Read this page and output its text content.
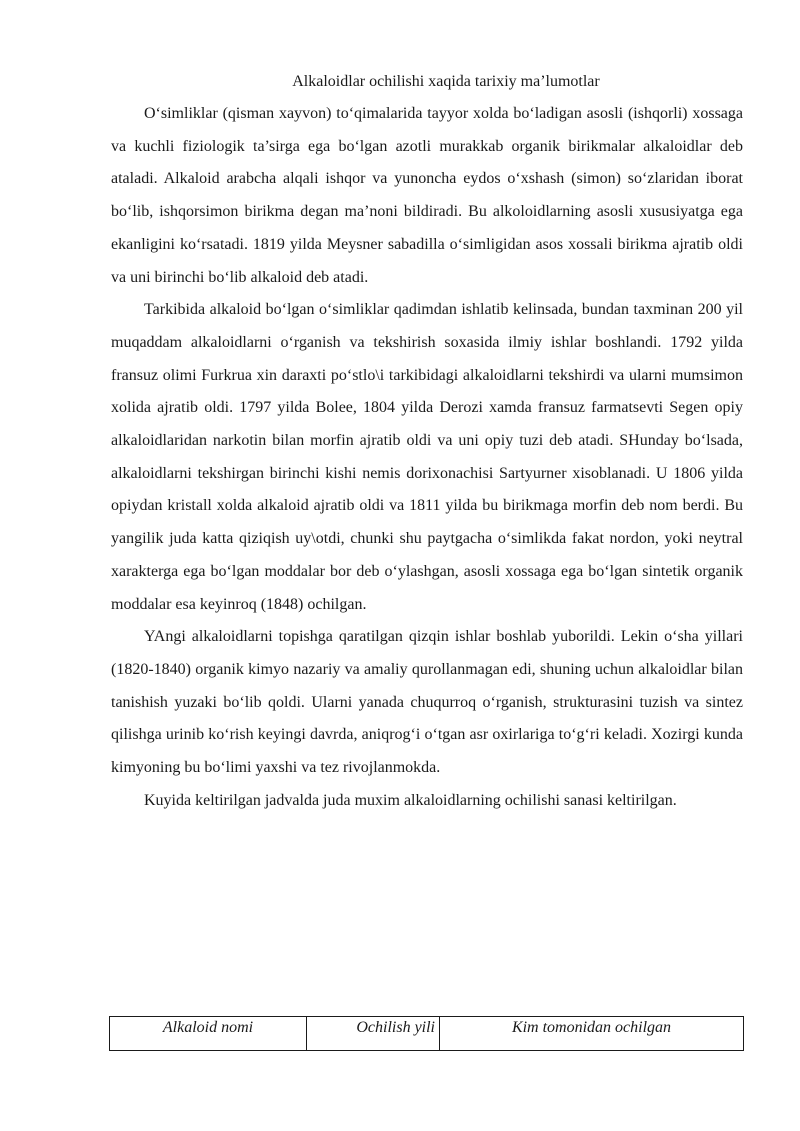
Alkaloidlar ochilishi xaqida tarixiy ma’lumotlar

O‘simliklar (qisman xayvon) to‘qimalarida tayyor xolda bo‘ladigan asosli (ishqorli) xossaga va kuchli fiziologik ta’sirga ega bo‘lgan azotli murakkab organik birikmalar alkaloidlar deb ataladi. Alkaloid arabcha alqali ishqor va yunoncha eydos o‘xshash (simon) so‘zlaridan iborat bo‘lib, ishqorsimon birikma degan ma’noni bildiradi. Bu alkoloidlarning asosli xususiyatga ega ekanligini ko‘rsatadi. 1819 yilda Meysner sabadilla o‘simligidan asos xossali birikma ajratib oldi va uni birinchi bo‘lib alkaloid deb atadi.

Tarkibida alkaloid bo‘lgan o‘simliklar qadimdan ishlatib kelinsada, bundan taxminan 200 yil muqaddam alkaloidlarni o‘rganish va tekshirish soxasida ilmiy ishlar boshlandi. 1792 yilda fransuz olimi Furkrua xin daraxti po‘stlo\i tarkibidagi alkaloidlarni tekshirdi va ularni mumsimon xolida ajratib oldi. 1797 yilda Bolee, 1804 yilda Derozi xamda fransuz farmatsevti Segen opiy alkaloidlaridan narkotin bilan morfin ajratib oldi va uni opiy tuzi deb atadi. SHunday bo‘lsada, alkaloidlarni tekshirgan birinchi kishi nemis dorixonachisi Sartyurner xisoblanadi. U 1806 yilda opiydan kristall xolda alkaloid ajratib oldi va 1811 yilda bu birikmaga morfin deb nom berdi. Bu yangilik juda katta qiziqish uy\otdi, chunki shu paytgacha o‘simlikda fakat nordon, yoki neytral xarakterga ega bo‘lgan moddalar bor deb o‘ylashgan, asosli xossaga ega bo‘lgan sintetik organik moddalar esa keyinroq (1848) ochilgan.

YAngi alkaloidlarni topishga qaratilgan qizqin ishlar boshlab yuborildi. Lekin o‘sha yillari (1820-1840) organik kimyo nazariy va amaliy qurollanmagan edi, shuning uchun alkaloidlar bilan tanishish yuzaki bo‘lib qoldi. Ularni yanada chuqurroq o‘rganish, strukturasini tuzish va sintez qilishga urinib ko‘rish keyingi davrda, aniqrog‘i o‘tgan asr oxirlariga to‘g‘ri keladi. Xozirgi kunda kimyoning bu bo‘limi yaxshi va tez rivojlanmokda.

Kuyida keltirilgan jadvalda juda muxim alkaloidlarning ochilishi sanasi keltirilgan.

Alkaloid nomi	Ochilish yili	Kim tomonidan ochilgan
